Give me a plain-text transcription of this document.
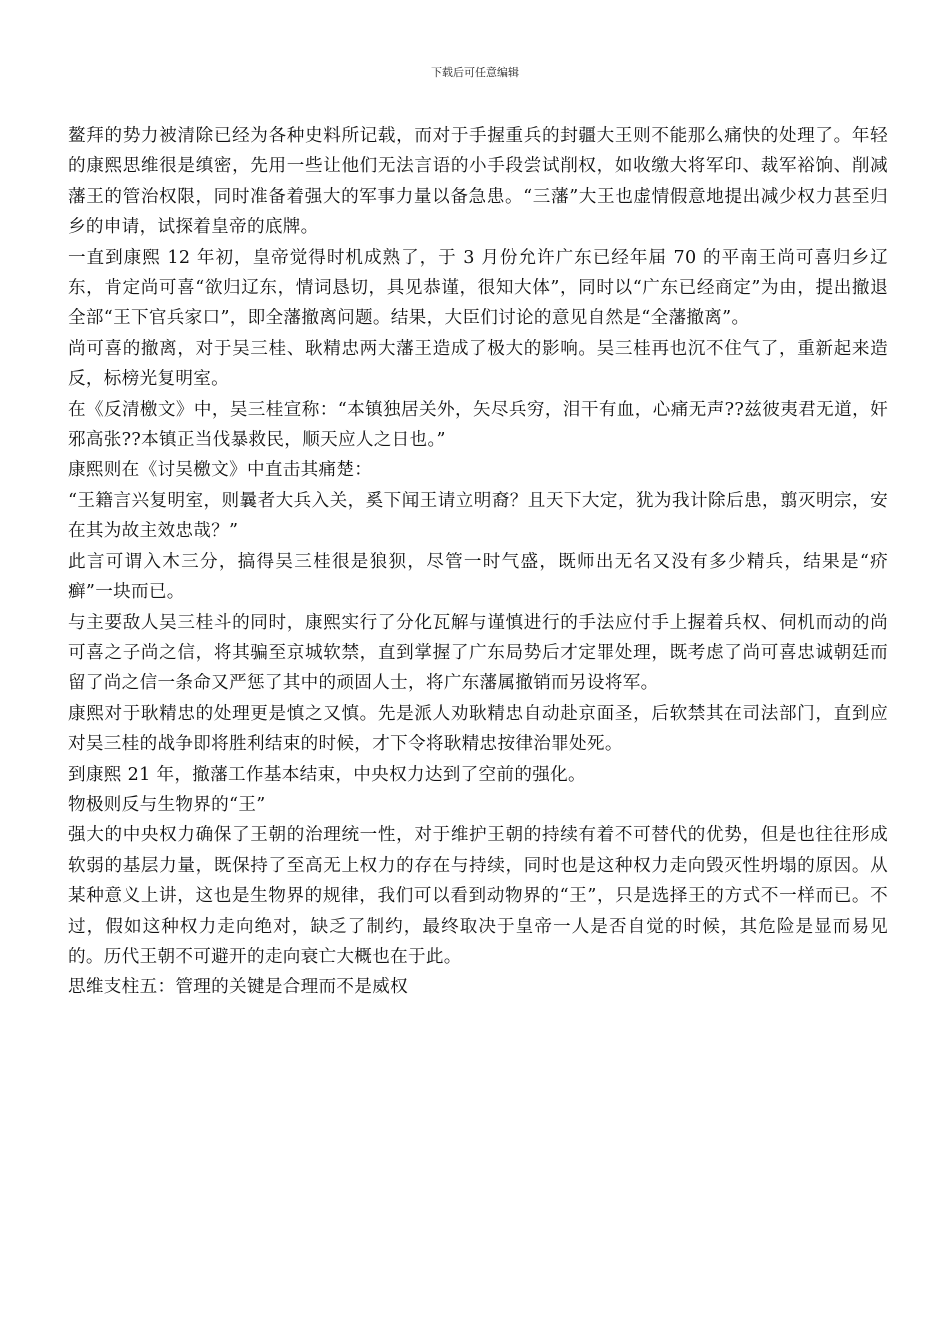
下载后可任意编辑

鳌拜的势力被清除已经为各种史料所记载，而对于手握重兵的封疆大王则不能那么痛快的处理了。年轻的康熙思维很是缜密，先用一些让他们无法言语的小手段尝试削权，如收缴大将军印、裁军裕饷、削减藩王的管治权限，同时准备着强大的军事力量以备急患。“三藩”大王也虚情假意地提出减少权力甚至归乡的申请，试探着皇帝的底牌。

一直到康熙 12 年初，皇帝觉得时机成熟了，于 3 月份允许广东已经年届 70 的平南王尚可喜归乡辽东，肯定尚可喜“欲归辽东，情词恳切，具见恭谨，很知大体”，同时以“广东已经商定”为由，提出撤退全部“王下官兵家口”，即全藩撤离问题。结果，大臣们讨论的意见自然是“全藩撤离”。

尚可喜的撤离，对于吴三桂、耿精忠两大藩王造成了极大的影响。吴三桂再也沉不住气了，重新起来造反，标榜光复明室。

在《反清檄文》中，吴三桂宣称：“本镇独居关外，矢尽兵穷，泪干有血，心痛无声??兹彼夷君无道，奸邪高张??本镇正当伐暴救民，顺天应人之日也。”

康熙则在《讨吴檄文》中直击其痛楚：

“王籍言兴复明室，则曩者大兵入关，奚下闻王请立明裔？且天下大定，犹为我计除后患，翦灭明宗，安在其为故主效忠哉？”

此言可谓入木三分，搞得吴三桂很是狼狈，尽管一时气盛，既师出无名又没有多少精兵，结果是“疥癣”一块而已。

与主要敌人吴三桂斗的同时，康熙实行了分化瓦解与谨慎进行的手法应付手上握着兵权、伺机而动的尚可喜之子尚之信，将其骗至京城软禁，直到掌握了广东局势后才定罪处理，既考虑了尚可喜忠诚朝廷而留了尚之信一条命又严惩了其中的顽固人士，将广东藩属撤销而另设将军。

康熙对于耿精忠的处理更是慎之又慎。先是派人劝耿精忠自动赴京面圣，后软禁其在司法部门，直到应对吴三桂的战争即将胜利结束的时候，才下令将耿精忠按律治罪处死。

到康熙 21 年，撤藩工作基本结束，中央权力达到了空前的强化。

物极则反与生物界的“王”

强大的中央权力确保了王朝的治理统一性，对于维护王朝的持续有着不可替代的优势，但是也往往形成软弱的基层力量，既保持了至高无上权力的存在与持续，同时也是这种权力走向毁灭性坍塌的原因。从某种意义上讲，这也是生物界的规律，我们可以看到动物界的“王”，只是选择王的方式不一样而已。不过，假如这种权力走向绝对，缺乏了制约，最终取决于皇帝一人是否自觉的时候，其危险是显而易见的。历代王朝不可避开的走向衰亡大概也在于此。

思维支柱五：管理的关键是合理而不是威权
